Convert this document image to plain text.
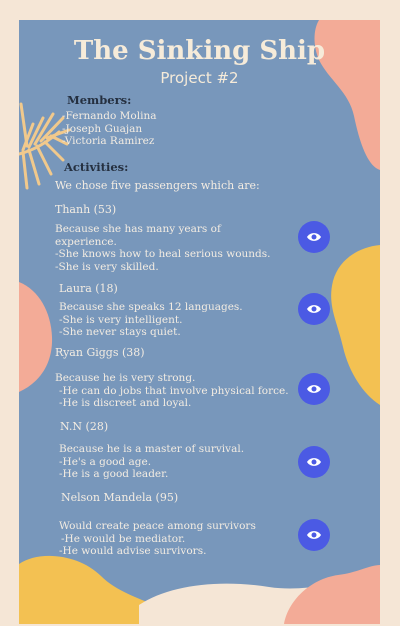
The Sinking Ship
Project #2
Members:
-Fernando Molina
-Joseph Guajan
-Victoria Ramirez
Activities:
We chose five passengers which are:
Thanh (53)
Because she has many years of
experience.
-She knows how to heal serious wounds.
-She is very skilled.
Laura (18)
Because she speaks 12 languages.
-She is very intelligent.
-She never stays quiet.
Ryan Giggs (38)
Because he is very strong.
-He can do jobs that involve physical force.
-He is discreet and loyal.
N.N (28)
Because he is a master of survival.
-He's a good age.
-He is a good leader.
Nelson Mandela (95)
Would create peace among survivors
-He would be mediator.
-He would advise survivors.
